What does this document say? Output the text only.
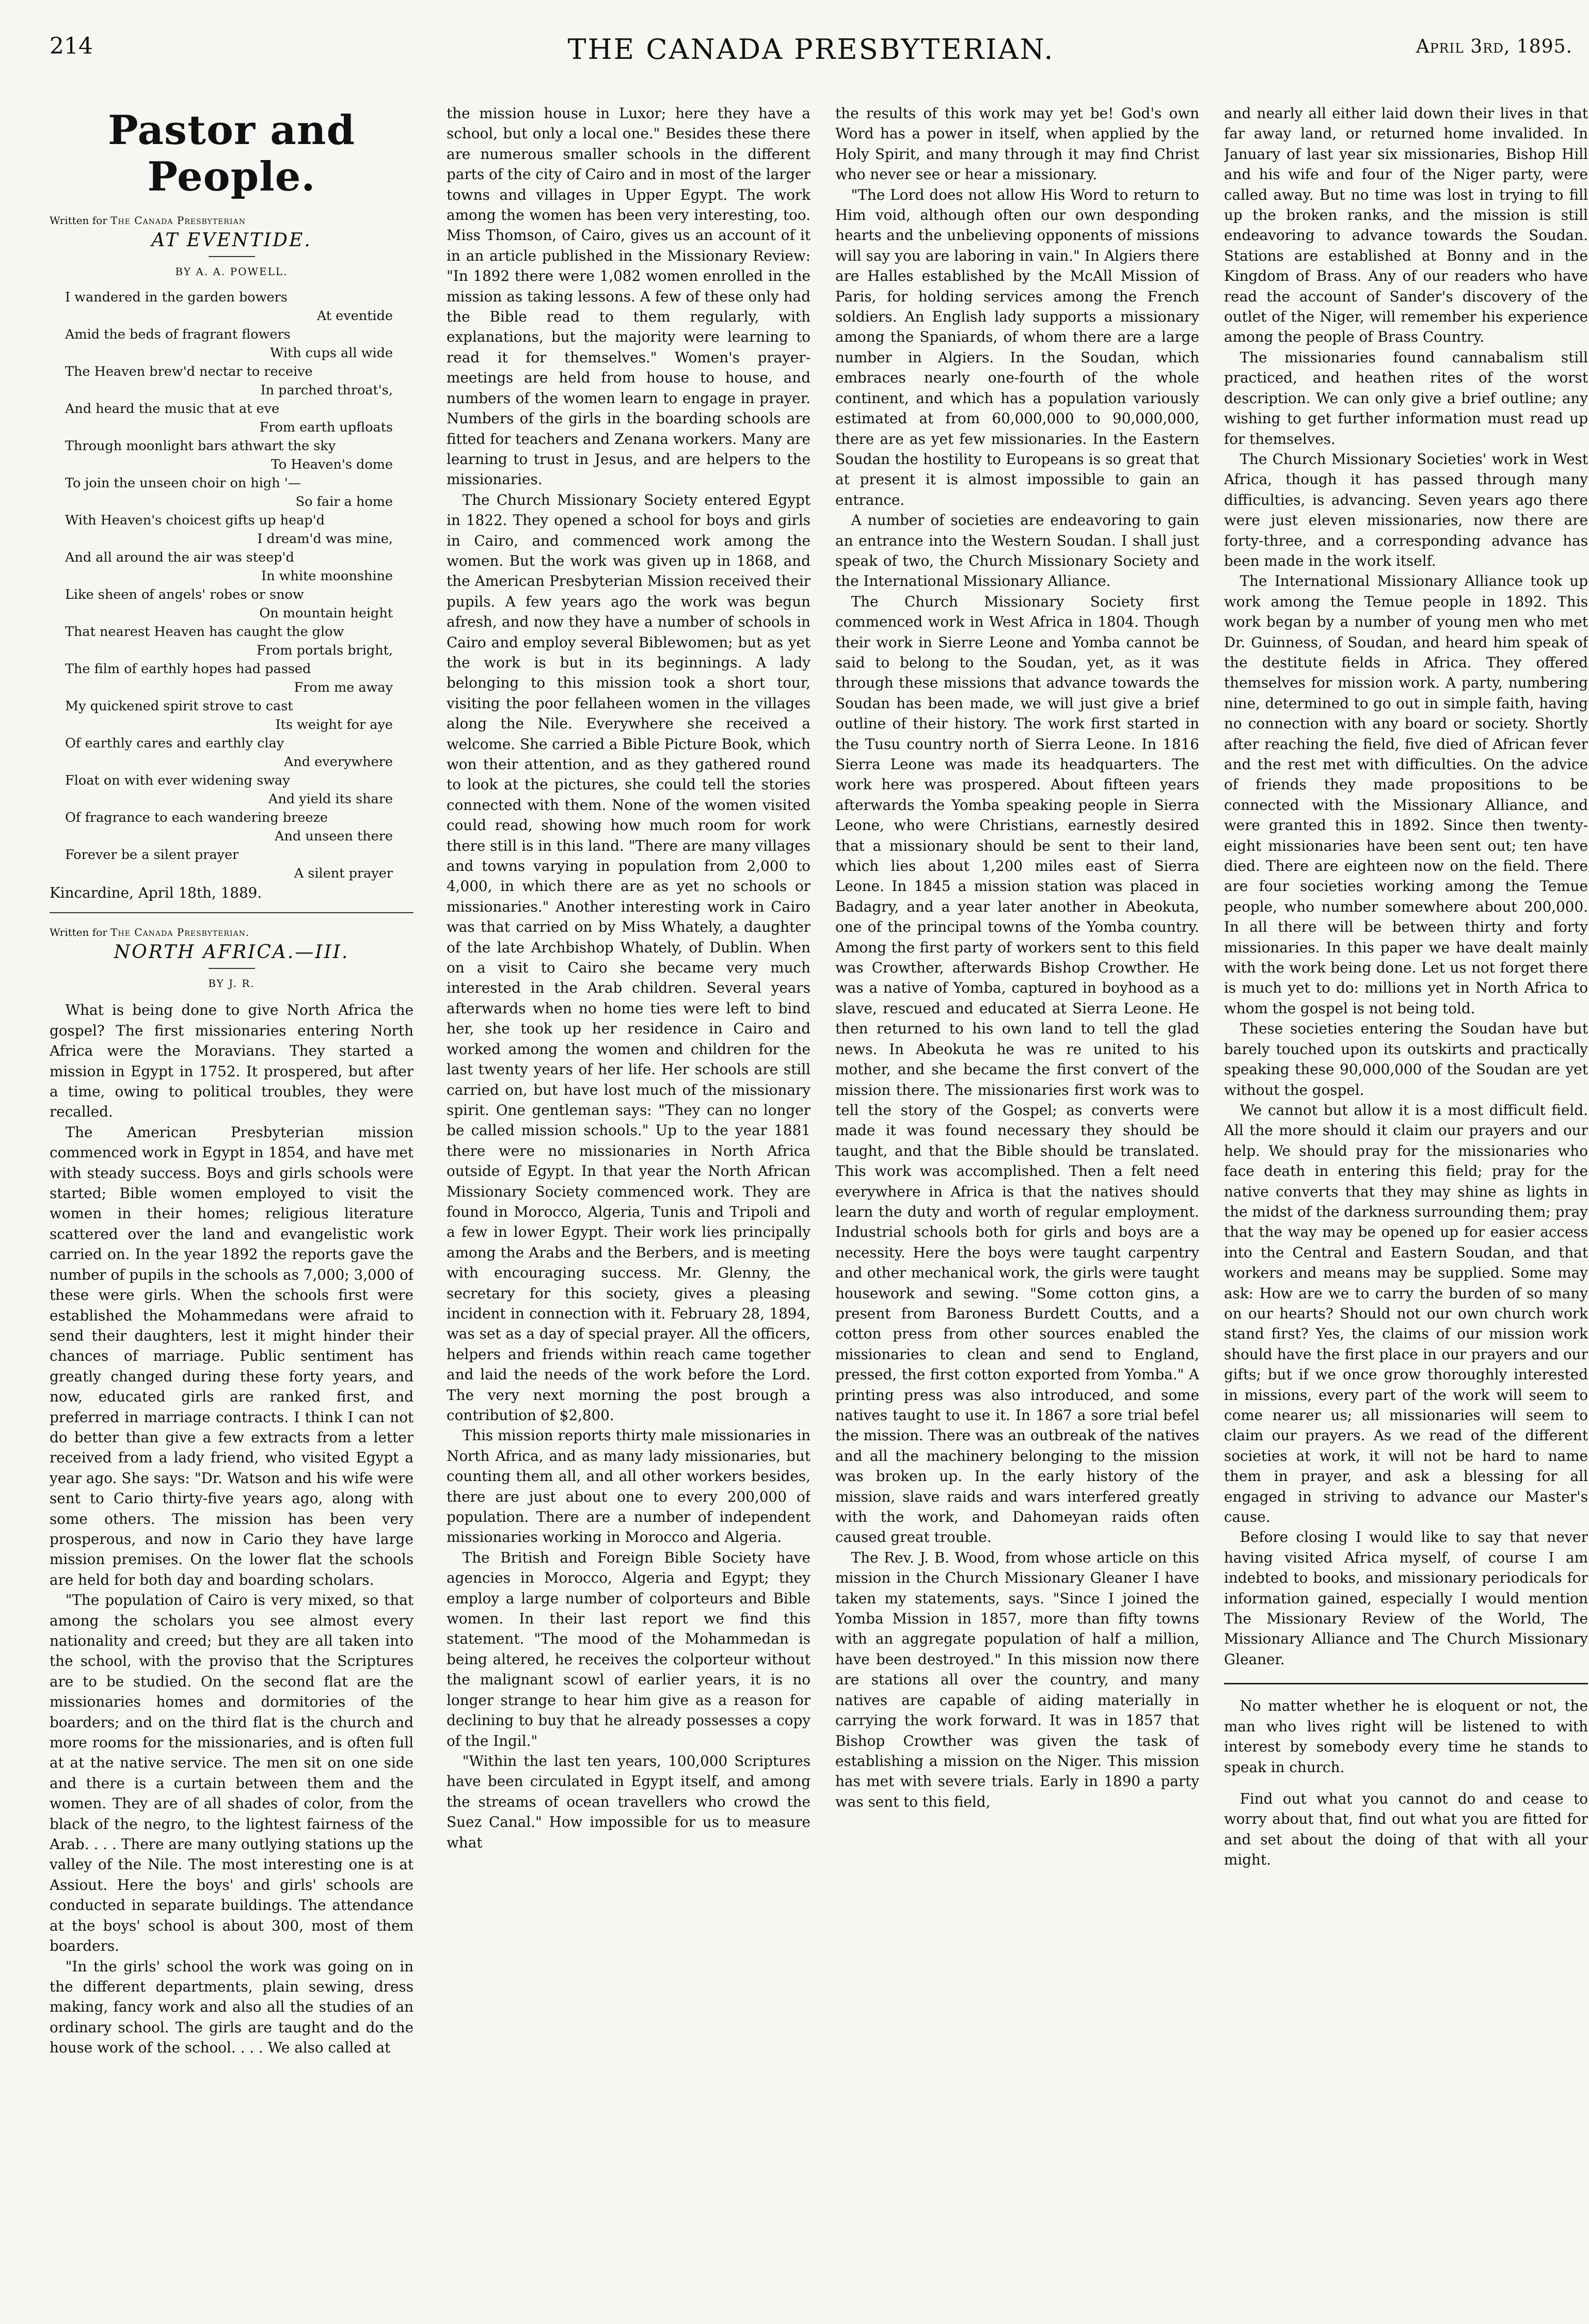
214	THE CANADA PRESBYTERIAN.	April 3rd, 1895.
Pastor and People.
Written for The Canada Presbyterian
AT EVENTIDE.
BY A. A. POWELL.
I wandered in the garden bowers
At eventide
Amid the beds of fragrant flowers
With cups all wide
The Heaven brew'd nectar to receive
In parched throat's,
And heard the music that at eve
From earth upfloats
Through moonlight bars athwart the sky
To Heaven's dome
To join the unseen choir on high '—
So fair a home
With Heaven's choicest gifts up heap'd
I dream'd was mine,
And all around the air was steep'd
In white moonshine
Like sheen of angels' robes or snow
On mountain height
That nearest Heaven has caught the glow
From portals bright,
The film of earthly hopes had passed
From me away
My quickened spirit strove to cast
Its weight for aye
Of earthly cares and earthly clay
And everywhere
Float on with ever widening sway
And yield its share
Of fragrance to each wandering breeze
And unseen there
Forever be a silent prayer
A silent prayer

Kincardine, April 18th, 1889.

Written for The Canada Presbyterian.
NORTH AFRICA.—III.
BY J. R.

What is being done to give North Africa the gospel? The first missionaries entering North Africa were the Moravians. They started a mission in Egypt in 1752. It prospered, but after a time, owing to political troubles, they were recalled.

The American Presbyterian mission commenced work in Egypt in 1854, and have met with steady success. Boys and girls schools were started; Bible women employed to visit the women in their homes; religious literature scattered over the land and evangelistic work carried on. In the year 1892 the reports gave the number of pupils in the schools as 7,000; 3,000 of these were girls. When the schools first were established the Mohammedans were afraid to send their daughters, lest it might hinder their chances of marriage. Public sentiment has greatly changed during these forty years, and now, educated girls are ranked first, and preferred in marriage contracts. I think I can not do better than give a few extracts from a letter received from a lady friend, who visited Egypt a year ago. She says: "Dr. Watson and his wife were sent to Cario thirty-five years ago, along with some others. The mission has been very prosperous, and now in Cario they have large mission premises. On the lower flat the schools are held for both day and boarding scholars.

"The population of Cairo is very mixed, so that among the scholars you see almost every nationality and creed; but they are all taken into the school, with the proviso that the Scriptures are to be studied. On the second flat are the missionaries homes and dormitories of the boarders; and on the third flat is the church and more rooms for the missionaries, and is often full at at the native service. The men sit on one side and there is a curtain between them and the women. They are of all shades of color, from the black of the negro, to the lightest fairness of the Arab. . . . There are many outlying stations up the valley of the Nile. The most interesting one is at Assiout. Here the boys' and girls' schools are conducted in separate buildings. The attendance at the boys' school is about 300, most of them boarders.

"In the girls' school the work was going on in the different departments, plain sewing, dress making, fancy work and also all the studies of an ordinary school. The girls are taught and do the house work of the school. . . . We also called at

the mission house in Luxor; here they have a school, but only a local one." Besides these there are numerous smaller schools in the different parts of the city of Cairo and in most of the larger towns and villages in Upper Egypt. The work among the women has been very interesting, too. Miss Thomson, of Cairo, gives us an account of it in an article published in the Missionary Review: "In 1892 there were 1,082 women enrolled in the mission as taking lessons. A few of these only had the Bible read to them regularly, with explanations, but the majority were learning to read it for themselves." Women's prayer-meetings are held from house to house, and numbers of the women learn to engage in prayer. Numbers of the girls in the boarding schools are fitted for teachers and Zenana workers. Many are learning to trust in Jesus, and are helpers to the missionaries.

The Church Missionary Society entered Egypt in 1822. They opened a school for boys and girls in Cairo, and commenced work among the women. But the work was given up in 1868, and the American Presbyterian Mission received their pupils. A few years ago the work was begun afresh, and now they have a number of schools in Cairo and employ several Biblewomen; but as yet the work is but in its beginnings. A lady belonging to this mission took a short tour, visiting the poor fellaheen women in the villages along the Nile. Everywhere she received a welcome. She carried a Bible Picture Book, which won their attention, and as they gathered round to look at the pictures, she could tell the stories connected with them. None of the women visited could read, showing how much room for work there still is in this land. "There are many villages and towns varying in population from 2,000 to 4,000, in which there are as yet no schools or missionaries." Another interesting work in Cairo was that carried on by Miss Whately, a daughter of the late Archbishop Whately, of Dublin. When on a visit to Cairo she became very much interested in the Arab children. Several years afterwards when no home ties were left to bind her, she took up her residence in Cairo and worked among the women and children for the last twenty years of her life. Her schools are still carried on, but have lost much of the missionary spirit. One gentleman says: "They can no longer be called mission schools." Up to the year 1881 there were no missionaries in North Africa outside of Egypt. In that year the North African Missionary Society commenced work. They are found in Morocco, Algeria, Tunis and Tripoli and a few in lower Egypt. Their work lies principally among the Arabs and the Berbers, and is meeting with encouraging success. Mr. Glenny, the secretary for this society, gives a pleasing incident in connection with it. February 28, 1894, was set as a day of special prayer. All the officers, helpers and friends within reach came together and laid the needs of the work before the Lord. The very next morning the post brough a contribution of $2,800.

This mission reports thirty male missionaries in North Africa, and as many lady missionaries, but counting them all, and all other workers besides, there are just about one to every 200,000 of population. There are a number of independent missionaries working in Morocco and Algeria.

The British and Foreign Bible Society have agencies in Morocco, Algeria and Egypt; they employ a large number of colporteurs and Bible women. In their last report we find this statement. "The mood of the Mohammedan is being altered, he receives the colporteur without the malignant scowl of earlier years, it is no longer strange to hear him give as a reason for declining to buy that he already possesses a copy of the Ingil."

"Within the last ten years, 100,000 Scriptures have been circulated in Egypt itself, and among the streams of ocean travellers who crowd the Suez Canal." How impossible for us to measure what

the results of this work may yet be! God's own Word has a power in itself, when applied by the Holy Spirit, and many through it may find Christ who never see or hear a missionary.

"The Lord does not allow His Word to return to Him void, although often our own desponding hearts and the unbelieving opponents of missions will say you are laboring in vain." In Algiers there are Halles established by the McAll Mission of Paris, for holding services among the French soldiers. An English lady supports a missionary among the Spaniards, of whom there are a large number in Algiers. In the Soudan, which embraces nearly one-fourth of the whole continent, and which has a population variously estimated at from 60,000,000 to 90,000,000, there are as yet few missionaries. In the Eastern Soudan the hostility to Europeans is so great that at present it is almost impossible to gain an entrance.

A number of societies are endeavoring to gain an entrance into the Western Soudan. I shall just speak of two, the Church Missionary Society and the International Missionary Alliance.

The Church Missionary Society first commenced work in West Africa in 1804. Though their work in Sierre Leone and Yomba cannot be said to belong to the Soudan, yet, as it was through these missions that advance towards the Soudan has been made, we will just give a brief outline of their history. The work first started in the Tusu country north of Sierra Leone. In 1816 Sierra Leone was made its headquarters. The work here was prospered. About fifteen years afterwards the Yomba speaking people in Sierra Leone, who were Christians, earnestly desired that a missionary should be sent to their land, which lies about 1,200 miles east of Sierra Leone. In 1845 a mission station was placed in Badagry, and a year later another in Abeokuta, one of the principal towns of the Yomba country. Among the first party of workers sent to this field was Crowther, afterwards Bishop Crowther. He was a native of Yomba, captured in boyhood as a slave, rescued and educated at Sierra Leone. He then returned to his own land to tell the glad news. In Abeokuta he was re united to his mother, and she became the first convert of the mission there. The missionaries first work was to tell the story of the Gospel; as converts were made it was found necessary they should be taught, and that the Bible should be translated. This work was accomplished. Then a felt need everywhere in Africa is that the natives should learn the duty and worth of regular employment. Industrial schools both for girls and boys are a necessity. Here the boys were taught carpentry and other mechanical work, the girls were taught housework and sewing. "Some cotton gins, a present from Baroness Burdett Coutts, and a cotton press from other sources enabled the missionaries to clean and send to England, pressed, the first cotton exported from Yomba." A printing press was also introduced, and some natives taught to use it. In 1867 a sore trial befel the mission. There was an outbreak of the natives and all the machinery belonging to the mission was broken up. In the early history of the mission, slave raids and wars interfered greatly with the work, and Dahomeyan raids often caused great trouble.

The Rev. J. B. Wood, from whose article on this mission in the Church Missionary Gleaner I have taken my statements, says. "Since I joined the Yomba Mission in 1857, more than fifty towns with an aggregate population of half a million, have been destroyed." In this mission now there are stations all over the country, and many natives are capable of aiding materially in carrying the work forward. It was in 1857 that Bishop Crowther was given the task of establishing a mission on the Niger. This mission has met with severe trials. Early in 1890 a party was sent to this field,

and nearly all either laid down their lives in that far away land, or returned home invalided. In January of last year six missionaries, Bishop Hill and his wife and four of the Niger party, were called away. But no time was lost in trying to fill up the broken ranks, and the mission is still endeavoring to advance towards the Soudan. Stations are established at Bonny and in the Kingdom of Brass. Any of our readers who have read the account of Sander's discovery of the outlet of the Niger, will remember his experience among the people of Brass Country.

The missionaries found cannabalism still practiced, and heathen rites of the worst description. We can only give a brief outline; any wishing to get further information must read up for themselves.

The Church Missionary Societies' work in West Africa, though it has passed through many difficulties, is advancing. Seven years ago there were just eleven missionaries, now there are forty-three, and a corresponding advance has been made in the work itself.

The International Missionary Alliance took up work among the Temue people in 1892. This work began by a number of young men who met Dr. Guinness, of Soudan, and heard him speak of the destitute fields in Africa. They offered themselves for mission work. A party, numbering nine, determined to go out in simple faith, having no connection with any board or society. Shortly after reaching the field, five died of African fever and the rest met with difficulties. On the advice of friends they made propositions to be connected with the Missionary Alliance, and were granted this in 1892. Since then twenty-eight missionaries have been sent out; ten have died. There are eighteen now on the field. There are four societies working among the Temue people, who number somewhere about 200,000. In all there will be between thirty and forty missionaries. In this paper we have dealt mainly with the work being done. Let us not forget there is much yet to do: millions yet in North Africa to whom the gospel is not being told.

These societies entering the Soudan have but barely touched upon its outskirts and practically speaking these 90,000,000 of the Soudan are yet without the gospel.

We cannot but allow it is a most difficult field. All the more should it claim our prayers and our help. We should pray for the missionaries who face death in entering this field; pray for the native converts that they may shine as lights in the midst of the darkness surrounding them; pray that the way may be opened up for easier access into the Central and Eastern Soudan, and that workers and means may be supplied. Some may ask: How are we to carry the burden of so many on our hearts? Should not our own church work stand first? Yes, the claims of our mission work should have the first place in our prayers and our gifts; but if we once grow thoroughly interested in missions, every part of the work will seem to come nearer us; all missionaries will seem to claim our prayers. As we read of the different societies at work, it will not be hard to name them in prayer, and ask a blessing for all engaged in striving to advance our Master's cause.

Before closing I would like to say that never having visited Africa myself, of course I am indebted to books, and missionary periodicals for information gained, especially I would mention The Missionary Review of the World, The Missionary Alliance and The Church Missionary Gleaner.

No matter whether he is eloquent or not, the man who lives right will be listened to with interest by somebody every time he stands to speak in church.

Find out what you cannot do and cease to worry about that, find out what you are fitted for and set about the doing of that with all your might.
